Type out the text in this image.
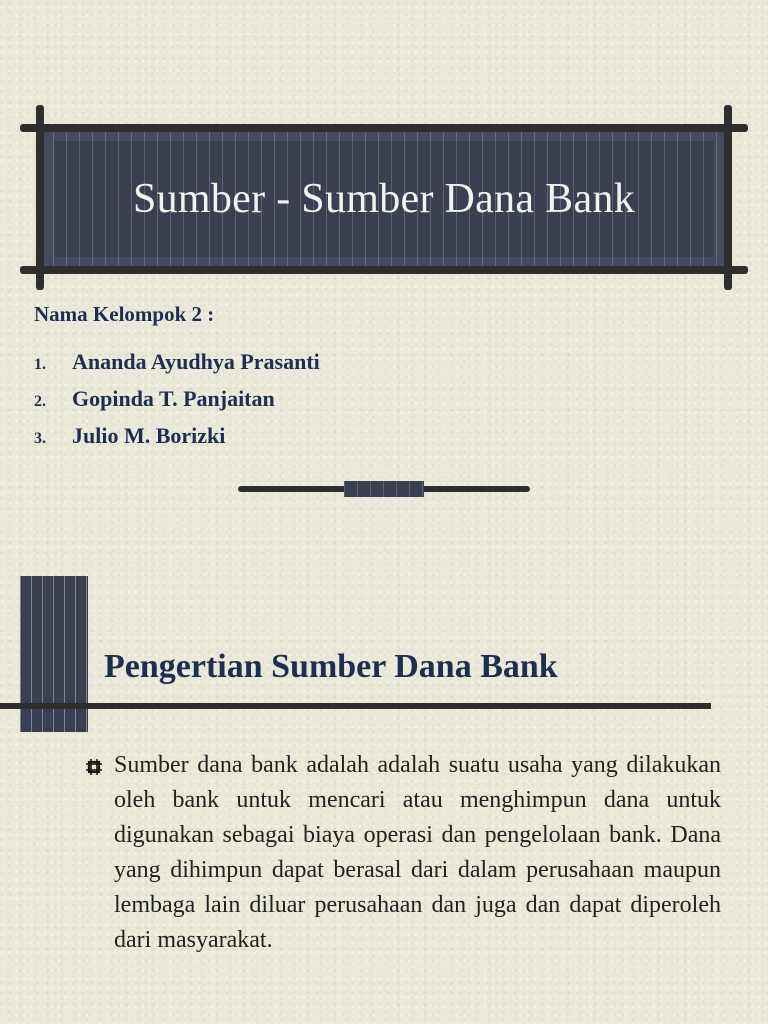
Sumber - Sumber Dana Bank
Nama Kelompok 2 :
1.	Ananda Ayudhya Prasanti
2.	Gopinda T. Panjaitan
3.	Julio M. Borizki
Pengertian Sumber Dana Bank

Sumber dana bank adalah adalah suatu usaha yang dilakukan oleh bank untuk mencari atau menghimpun dana untuk digunakan sebagai biaya operasi dan pengelolaan bank. Dana yang dihimpun dapat berasal dari dalam perusahaan maupun lembaga lain diluar perusahaan dan juga dan dapat diperoleh dari masyarakat.
